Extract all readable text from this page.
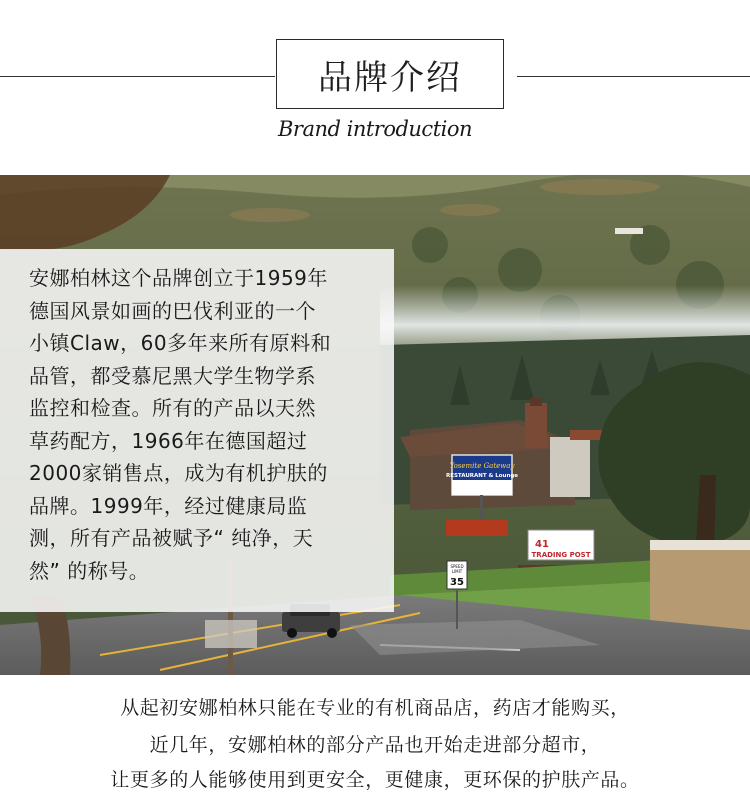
品牌介绍
Brand introduction
Yosemite Gateway
RESTAURANT & Lounge
41
TRADING POST
SPEED
LIMIT
35
安娜柏林这个品牌创立于1959年
德国风景如画的巴伐利亚的一个
小镇Claw，60多年来所有原料和
品管，都受慕尼黑大学生物学系
监控和检查。所有的产品以天然
草药配方，1966年在德国超过
2000家销售点，成为有机护肤的
品牌。1999年，经过健康局监
测，所有产品被赋予“ 纯净，天
然” 的称号。
从起初安娜柏林只能在专业的有机商品店，药店才能购买，
近几年，安娜柏林的部分产品也开始走进部分超市，
让更多的人能够使用到更安全，更健康，更环保的护肤产品。
